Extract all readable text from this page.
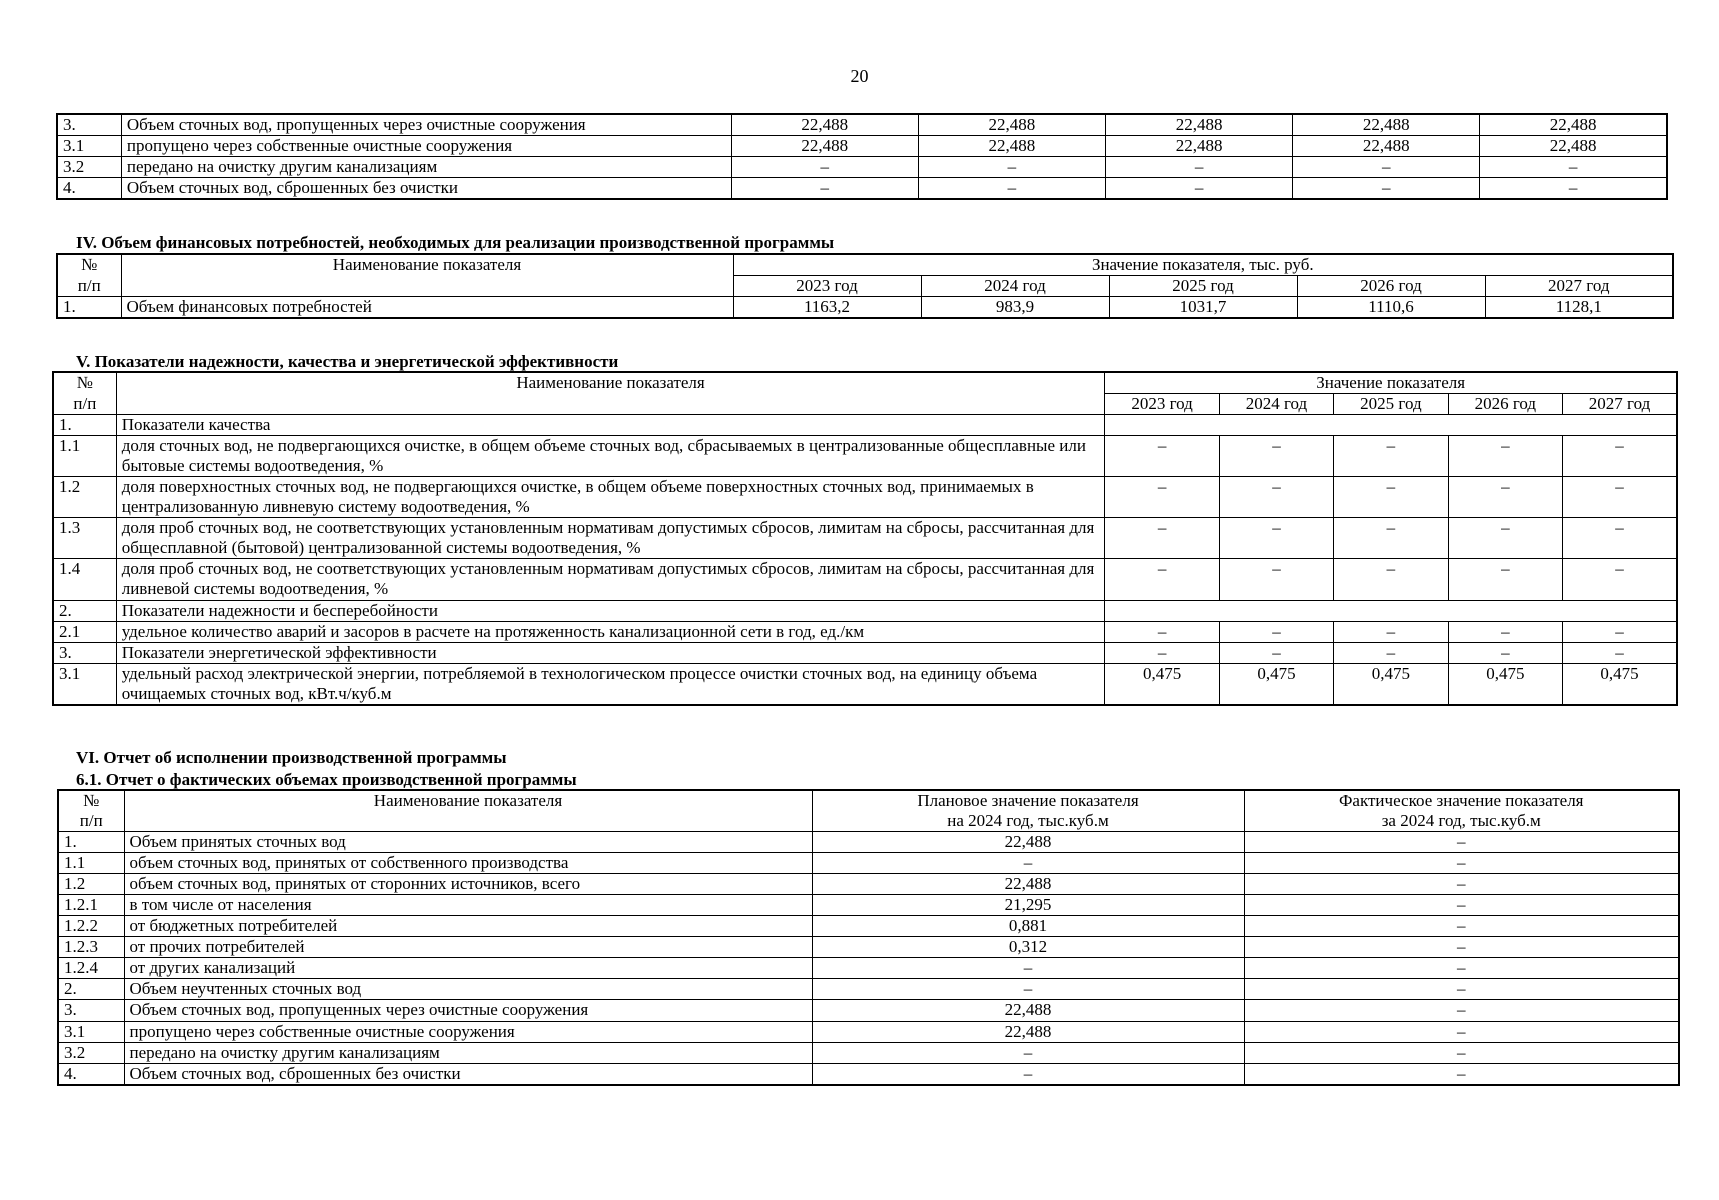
20
3.	Объем сточных вод, пропущенных через очистные сооружения	22,488	22,488	22,488	22,488	22,488
3.1	пропущено через собственные очистные сооружения	22,488	22,488	22,488	22,488	22,488
3.2	передано на очистку другим канализациям	–	–	–	–	–
4.	Объем сточных вод, сброшенных без очистки	–	–	–	–	–
IV. Объем финансовых потребностей, необходимых для реализации производственной программы
№	Наименование показателя	Значение показателя, тыс. руб.				
п/п		2023 год	2024 год	2025 год	2026 год	2027 год
1.	Объем финансовых потребностей	1163,2	983,9	1031,7	1110,6	1128,1
V. Показатели надежности, качества и энергетической эффективности
№	Наименование показателя	Значение показателя				
п/п		2023 год	2024 год	2025 год	2026 год	2027 год
1.	Показатели качества					
1.1	доля сточных вод, не подвергающихся очистке, в общем объеме сточных вод, сбрасываемых в централизованные общесплавные или бытовые системы водоотведения, %	–	–	–	–	–
1.2	доля поверхностных сточных вод, не подвергающихся очистке, в общем объеме поверхностных сточных вод, принимаемых в централизованную ливневую систему водоотведения, %	–	–	–	–	–
1.3	доля проб сточных вод, не соответствующих установленным нормативам допустимых сбросов, лимитам на сбросы, рассчитанная для общесплавной (бытовой) централизованной системы водоотведения, %	–	–	–	–	–
1.4	доля проб сточных вод, не соответствующих установленным нормативам допустимых сбросов, лимитам на сбросы, рассчитанная для ливневой системы водоотведения, %	–	–	–	–	–
2.	Показатели надежности и бесперебойности					
2.1	удельное количество аварий и засоров в расчете на протяженность канализационной сети в год, ед./км	–	–	–	–	–
3.	Показатели энергетической эффективности	–	–	–	–	–
3.1	удельный расход электрической энергии, потребляемой в технологическом процессе очистки сточных вод, на единицу объема очищаемых сточных вод, кВт.ч/куб.м	0,475	0,475	0,475	0,475	0,475
VI. Отчет об исполнении производственной программы
6.1. Отчет о фактических объемах производственной программы
№	Наименование показателя	Плановое значение показателя	Фактическое значение показателя
п/п		на 2024 год, тыс.куб.м	за 2024 год, тыс.куб.м
1.	Объем принятых сточных вод	22,488	–
1.1	объем сточных вод, принятых от собственного производства	–	–
1.2	объем сточных вод, принятых от сторонних источников, всего	22,488	–
1.2.1	в том числе от населения	21,295	–
1.2.2	от бюджетных потребителей	0,881	–
1.2.3	от прочих потребителей	0,312	–
1.2.4	от других канализаций	–	–
2.	Объем неучтенных сточных вод	–	–
3.	Объем сточных вод, пропущенных через очистные сооружения	22,488	–
3.1	пропущено через собственные очистные сооружения	22,488	–
3.2	передано на очистку другим канализациям	–	–
4.	Объем сточных вод, сброшенных без очистки	–	–
